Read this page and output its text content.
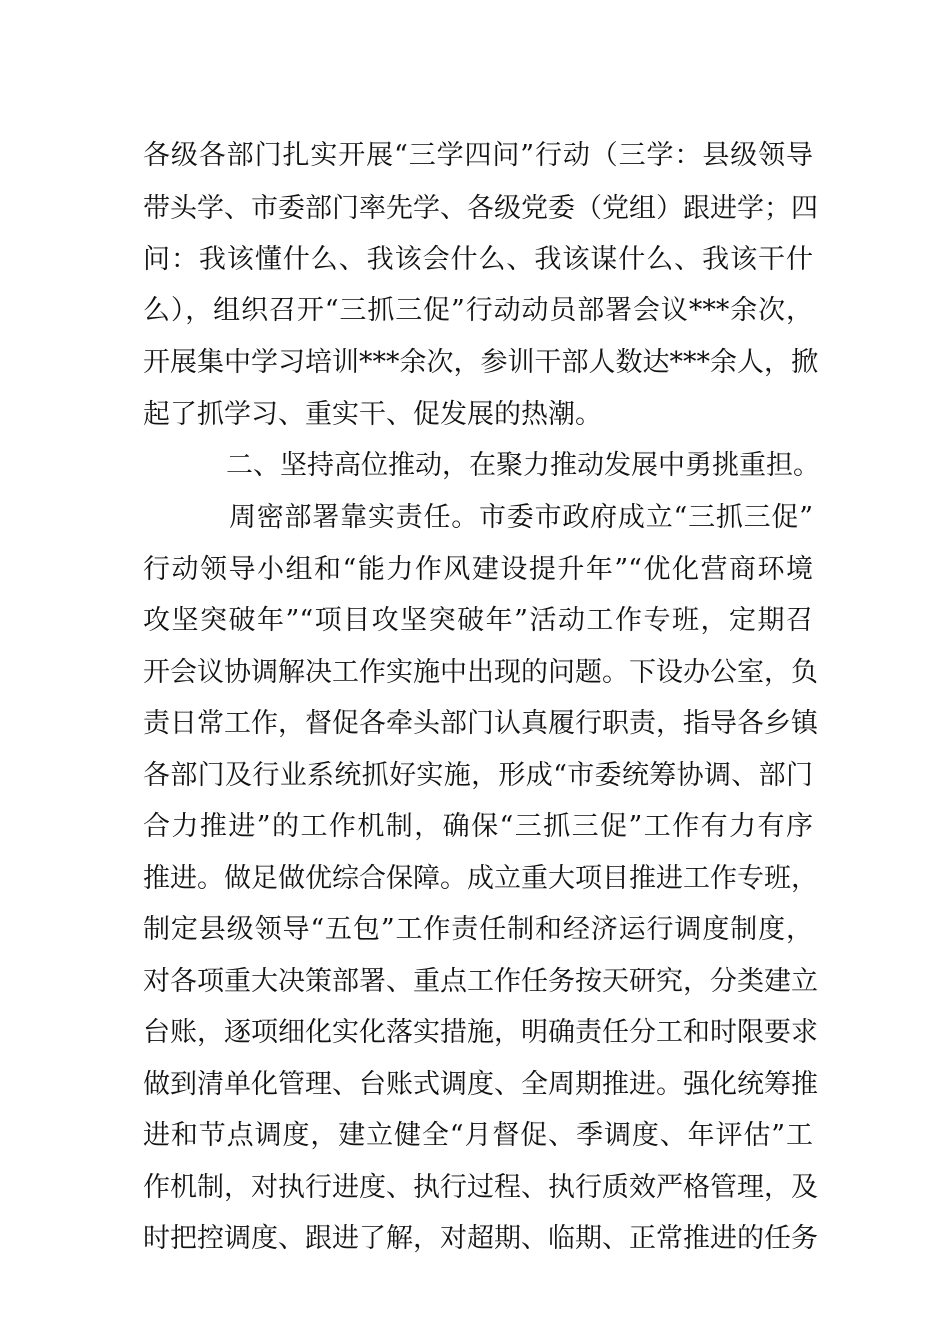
各级各部门扎实开展“三学四问”行动（三学：县级领导
带头学、市委部门率先学、各级党委（党组）跟进学；四
问：我该懂什么、我该会什么、我该谋什么、我该干什
么），组织召开“三抓三促”行动动员部署会议***余次，
开展集中学习培训***余次，参训干部人数达***余人，掀
起了抓学习、重实干、促发展的热潮。
二、坚持高位推动，在聚力推动发展中勇挑重担。
周密部署靠实责任。市委市政府成立“三抓三促”
行动领导小组和“能力作风建设提升年”“优化营商环境
攻坚突破年”“项目攻坚突破年”活动工作专班，定期召
开会议协调解决工作实施中出现的问题。下设办公室，负
责日常工作，督促各牵头部门认真履行职责，指导各乡镇
各部门及行业系统抓好实施，形成“市委统筹协调、部门
合力推进”的工作机制，确保“三抓三促”工作有力有序
推进。做足做优综合保障。成立重大项目推进工作专班，
制定县级领导“五包”工作责任制和经济运行调度制度，
对各项重大决策部署、重点工作任务按天研究，分类建立
台账，逐项细化实化落实措施，明确责任分工和时限要求
做到清单化管理、台账式调度、全周期推进。强化统筹推
进和节点调度，建立健全“月督促、季调度、年评估”工
作机制，对执行进度、执行过程、执行质效严格管理，及
时把控调度、跟进了解，对超期、临期、正常推进的任务
